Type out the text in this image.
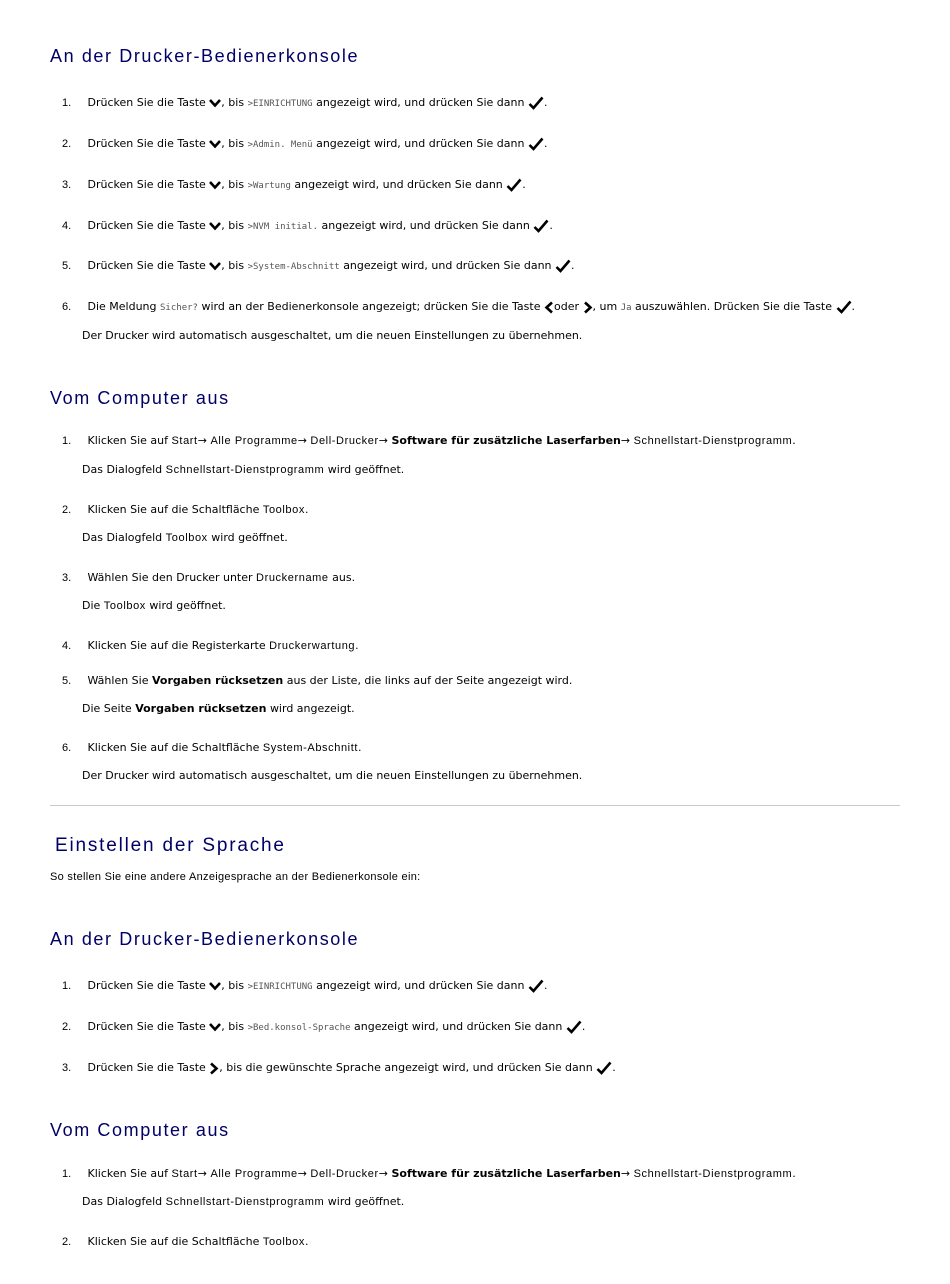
An der Drucker-Bedienerkonsole
1. Drücken Sie die Taste , bis >EINRICHTUNG angezeigt wird, und drücken Sie dann .
2. Drücken Sie die Taste , bis >Admin. Menü angezeigt wird, und drücken Sie dann .
3. Drücken Sie die Taste , bis >Wartung angezeigt wird, und drücken Sie dann .
4. Drücken Sie die Taste , bis >NVM initial. angezeigt wird, und drücken Sie dann .
5. Drücken Sie die Taste , bis >System-Abschnitt angezeigt wird, und drücken Sie dann .
6. Die Meldung Sicher? wird an der Bedienerkonsole angezeigt; drücken Sie die Taste oder , um Ja auszuwählen. Drücken Sie die Taste .
Der Drucker wird automatisch ausgeschaltet, um die neuen Einstellungen zu übernehmen.
Vom Computer aus
1. Klicken Sie auf Start→ Alle Programme→ Dell-Drucker→ Software für zusätzliche Laserfarben→ Schnellstart-Dienstprogramm.
Das Dialogfeld Schnellstart-Dienstprogramm wird geöffnet.
2. Klicken Sie auf die Schaltfläche Toolbox.
Das Dialogfeld Toolbox wird geöffnet.
3. Wählen Sie den Drucker unter Druckername aus.
Die Toolbox wird geöffnet.
4. Klicken Sie auf die Registerkarte Druckerwartung.
5. Wählen Sie Vorgaben rücksetzen aus der Liste, die links auf der Seite angezeigt wird.
Die Seite Vorgaben rücksetzen wird angezeigt.
6. Klicken Sie auf die Schaltfläche System-Abschnitt.
Der Drucker wird automatisch ausgeschaltet, um die neuen Einstellungen zu übernehmen.
Einstellen der Sprache
So stellen Sie eine andere Anzeigesprache an der Bedienerkonsole ein:
An der Drucker-Bedienerkonsole
1. Drücken Sie die Taste , bis >EINRICHTUNG angezeigt wird, und drücken Sie dann .
2. Drücken Sie die Taste , bis >Bed.konsol-Sprache angezeigt wird, und drücken Sie dann .
3. Drücken Sie die Taste , bis die gewünschte Sprache angezeigt wird, und drücken Sie dann .
Vom Computer aus
1. Klicken Sie auf Start→ Alle Programme→ Dell-Drucker→ Software für zusätzliche Laserfarben→ Schnellstart-Dienstprogramm.
Das Dialogfeld Schnellstart-Dienstprogramm wird geöffnet.
2. Klicken Sie auf die Schaltfläche Toolbox.
